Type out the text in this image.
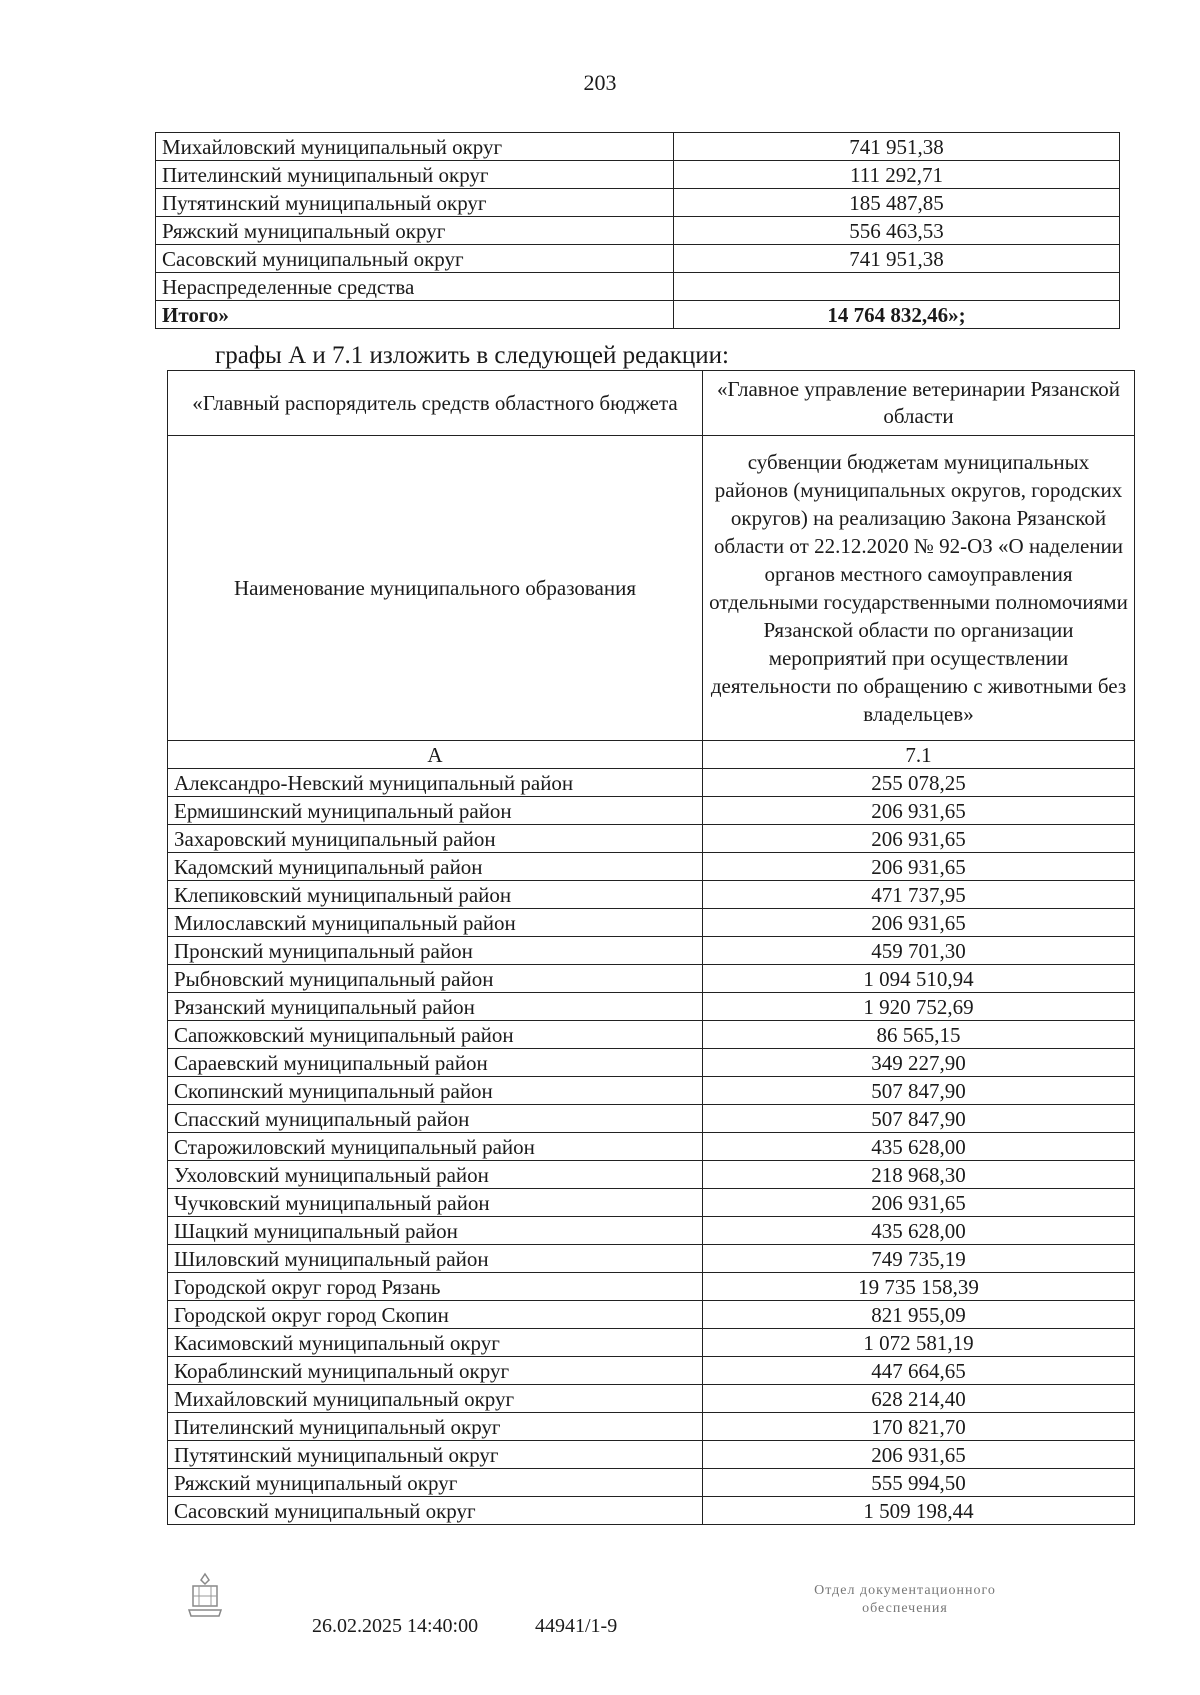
203
Михайловский муниципальный округ	741 951,38
Пителинский муниципальный округ	111 292,71
Путятинский муниципальный округ	185 487,85
Ряжский муниципальный округ	556 463,53
Сасовский муниципальный округ	741 951,38
Нераспределенные средства	
Итого»	14 764 832,46»;
графы А и 7.1 изложить в следующей редакции:
«Главный распорядитель средств областного бюджета	«Главное управление ветеринарии Рязанской области
Наименование муниципального образования	субвенции бюджетам муниципальных районов (муниципальных округов, городских округов) на реализацию Закона Рязанской области от 22.12.2020 № 92-ОЗ «О наделении органов местного самоуправления отдельными государственными полномочиями Рязанской области по организации мероприятий при осуществлении деятельности по обращению с животными без владельцев»
А	7.1
Александро-Невский муниципальный район	255 078,25
Ермишинский муниципальный район	206 931,65
Захаровский муниципальный район	206 931,65
Кадомский муниципальный район	206 931,65
Клепиковский муниципальный район	471 737,95
Милославский муниципальный район	206 931,65
Пронский муниципальный район	459 701,30
Рыбновский муниципальный район	1 094 510,94
Рязанский муниципальный район	1 920 752,69
Сапожковский муниципальный район	86 565,15
Сараевский муниципальный район	349 227,90
Скопинский муниципальный район	507 847,90
Спасский муниципальный район	507 847,90
Старожиловский муниципальный район	435 628,00
Ухоловский муниципальный район	218 968,30
Чучковский муниципальный район	206 931,65
Шацкий муниципальный район	435 628,00
Шиловский муниципальный район	749 735,19
Городской округ город Рязань	19 735 158,39
Городской округ город Скопин	821 955,09
Касимовский муниципальный округ	1 072 581,19
Кораблинский муниципальный округ	447 664,65
Михайловский муниципальный округ	628 214,40
Пителинский муниципальный округ	170 821,70
Путятинский муниципальный округ	206 931,65
Ряжский муниципальный округ	555 994,50
Сасовский муниципальный округ	1 509 198,44
26.02.2025 14:40:00	44941/1-9
Отдел документационного
обеспечения
